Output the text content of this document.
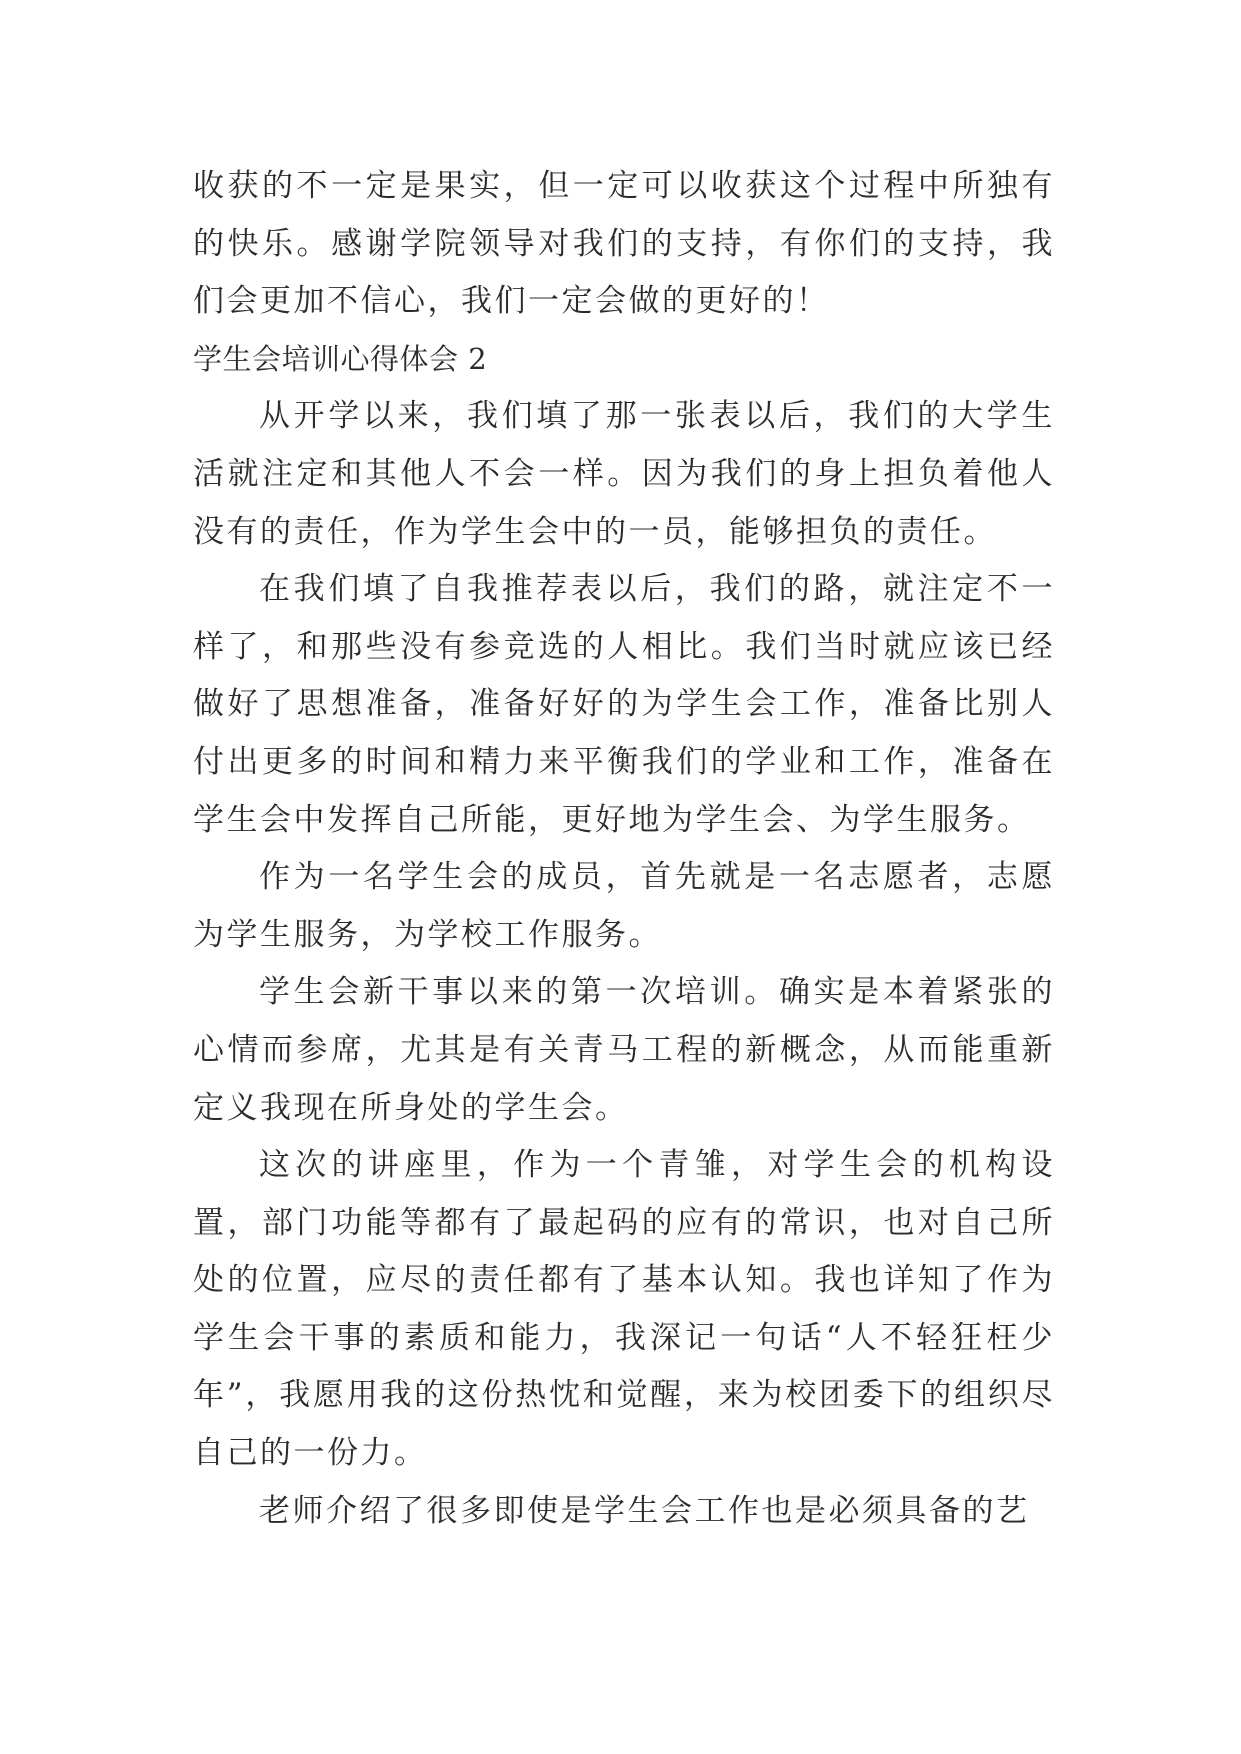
收获的不一定是果实，但一定可以收获这个过程中所独有的快乐。感谢学院领导对我们的支持，有你们的支持，我们会更加不信心，我们一定会做的更好的！

学生会培训心得体会 2

从开学以来，我们填了那一张表以后，我们的大学生活就注定和其他人不会一样。因为我们的身上担负着他人没有的责任，作为学生会中的一员，能够担负的责任。

在我们填了自我推荐表以后，我们的路，就注定不一样了，和那些没有参竞选的人相比。我们当时就应该已经做好了思想准备，准备好好的为学生会工作，准备比别人付出更多的时间和精力来平衡我们的学业和工作，准备在学生会中发挥自己所能，更好地为学生会、为学生服务。

作为一名学生会的成员，首先就是一名志愿者，志愿为学生服务，为学校工作服务。

学生会新干事以来的第一次培训。确实是本着紧张的心情而参席，尤其是有关青马工程的新概念，从而能重新定义我现在所身处的学生会。

这次的讲座里，作为一个青雏，对学生会的机构设置，部门功能等都有了最起码的应有的常识，也对自己所处的位置，应尽的责任都有了基本认知。我也详知了作为学生会干事的素质和能力，我深记一句话“人不轻狂枉少年”，我愿用我的这份热忱和觉醒，来为校团委下的组织尽自己的一份力。

老师介绍了很多即使是学生会工作也是必须具备的艺
